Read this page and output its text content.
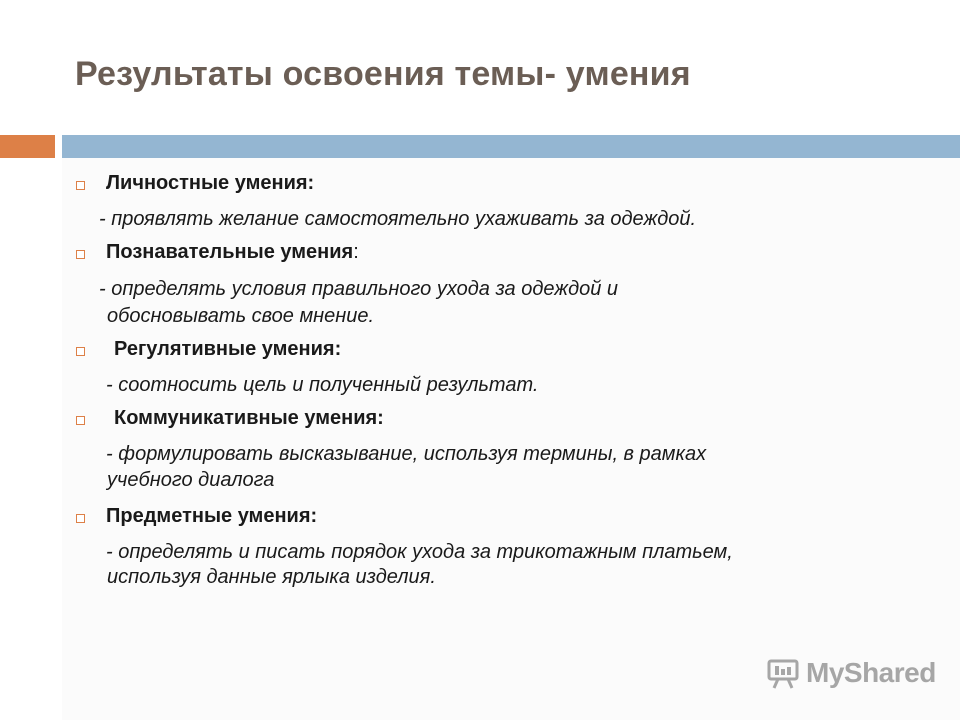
Результаты освоения темы- умения
Личностные умения:
- проявлять желание самостоятельно ухаживать за одеждой.
Познавательные умения:
- определять условия правильного ухода за одеждой и
обосновывать свое мнение.
Регулятивные умения:
- соотносить цель и полученный результат.
Коммуникативные умения:
- формулировать высказывание, используя термины, в рамках
учебного диалога
Предметные умения:
- определять и писать порядок ухода за трикотажным платьем,
используя данные ярлыка изделия.
MyShared
